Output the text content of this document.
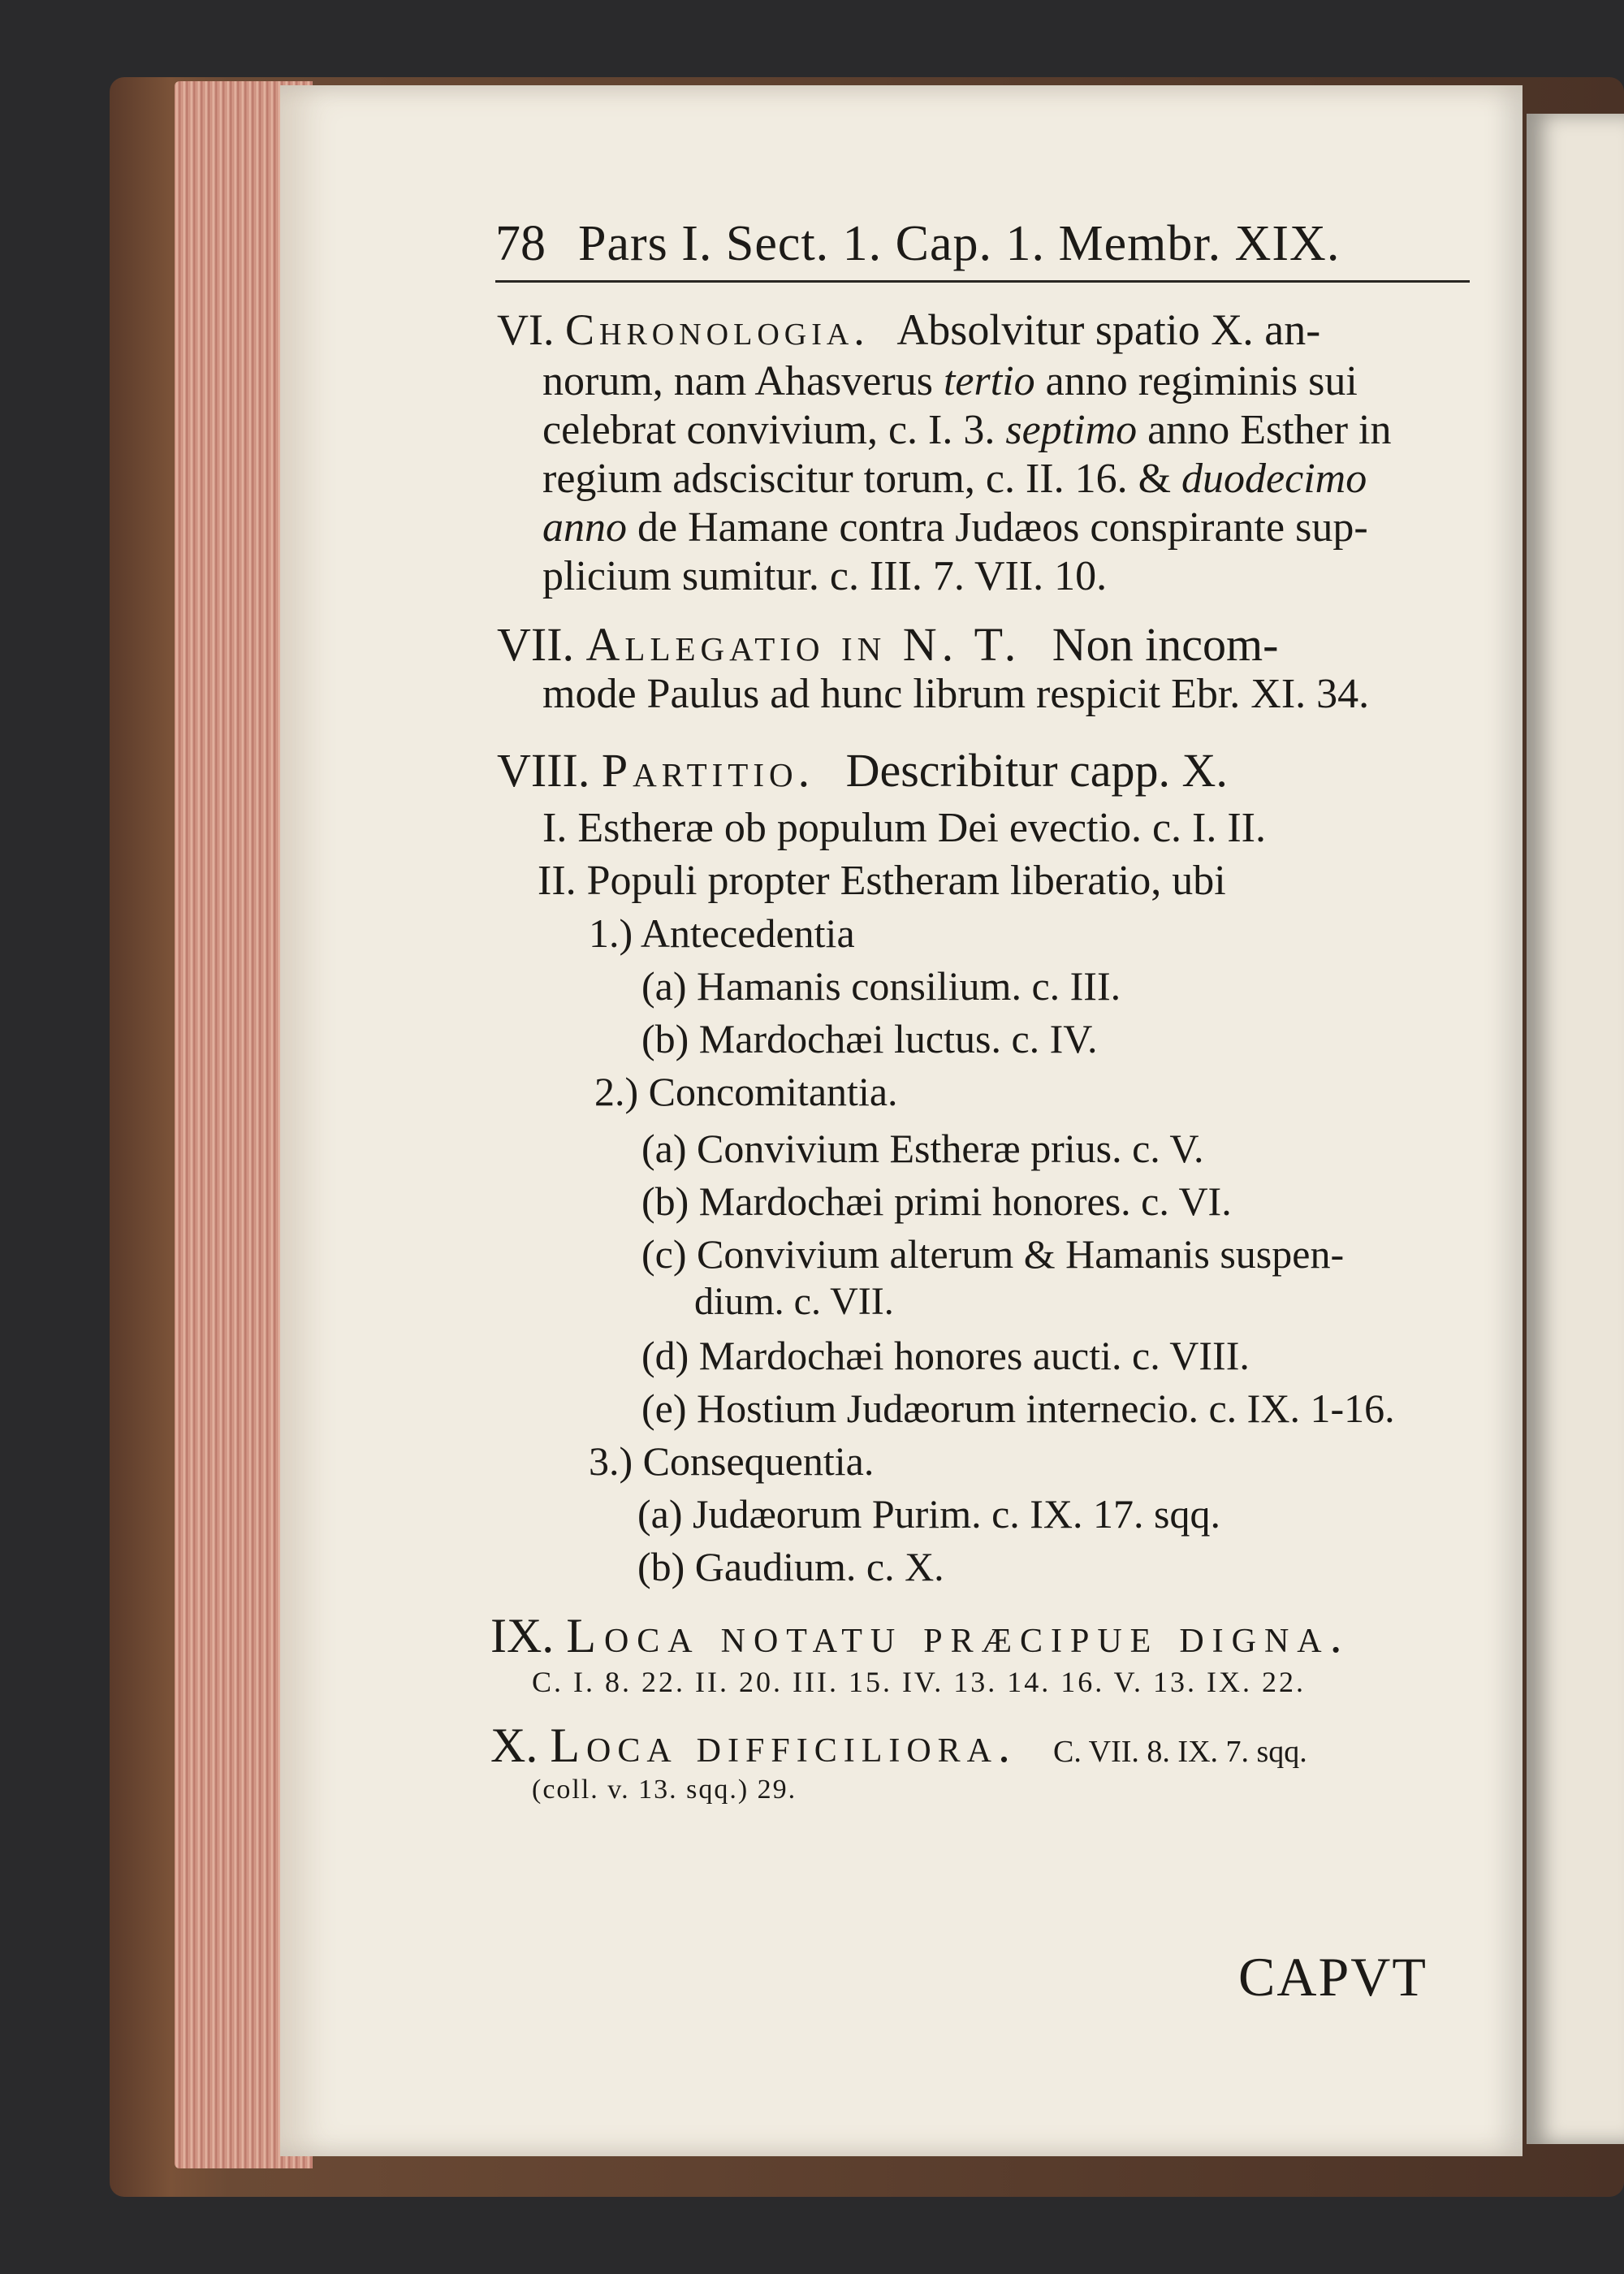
78 Pars I. Sect. 1. Cap. 1. Membr. XIX.
VI. Chronologia. Absolvitur spatio X. an-
norum, nam Ahasverus tertio anno regiminis sui
celebrat convivium, c. I. 3. septimo anno Esther in
regium adsciscitur torum, c. II. 16. & duodecimo
anno de Hamane contra Judæos conspirante sup-
plicium sumitur. c. III. 7. VII. 10.
VII. Allegatio in N. T. Non incom-
mode Paulus ad hunc librum respicit Ebr. XI. 34.
VIII. Partitio. Describitur capp. X.
I. Estheræ ob populum Dei evectio. c. I. II.
II. Populi propter Estheram liberatio, ubi
1.) Antecedentia
(a) Hamanis consilium. c. III.
(b) Mardochæi luctus. c. IV.
2.) Concomitantia.
(a) Convivium Estheræ prius. c. V.
(b) Mardochæi primi honores. c. VI.
(c) Convivium alterum & Hamanis suspen-
dium. c. VII.
(d) Mardochæi honores aucti. c. VIII.
(e) Hostium Judæorum internecio. c. IX. 1-16.
3.) Consequentia.
(a) Judæorum Purim. c. IX. 17. sqq.
(b) Gaudium. c. X.
IX. Loca notatu præcipue digna.
C. I. 8. 22. II. 20. III. 15. IV. 13. 14. 16. V. 13. IX. 22.
X. Loca difficiliora. C. VII. 8. IX. 7. sqq.
(coll. v. 13. sqq.) 29.
CAPVT
